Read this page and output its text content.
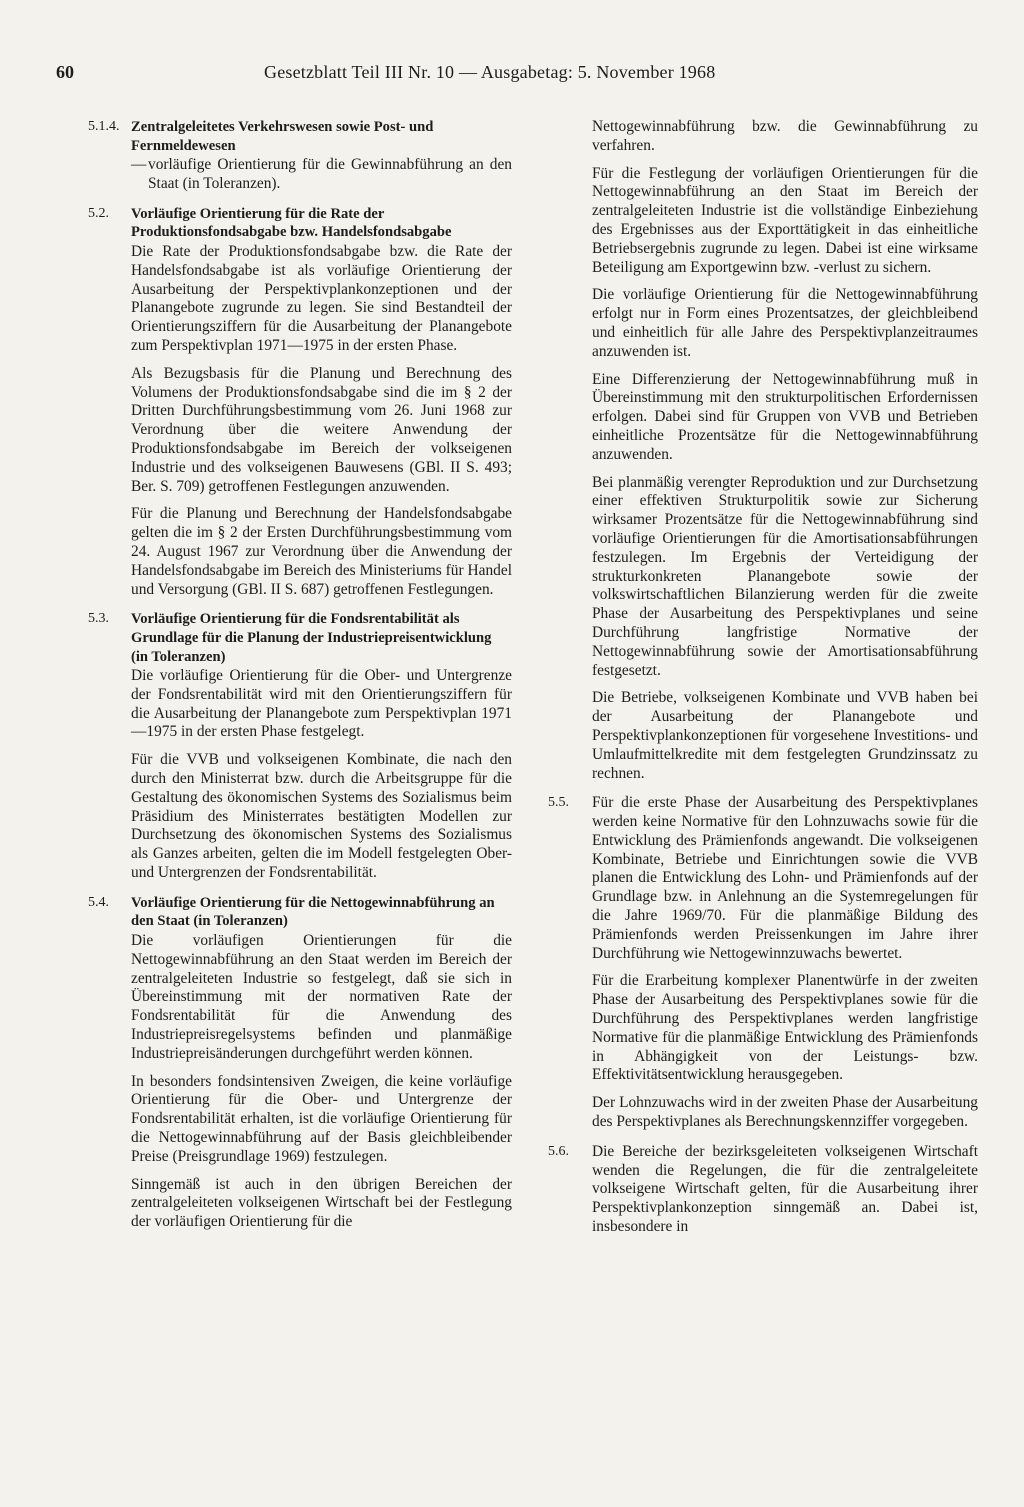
60	Gesetzblatt Teil III Nr. 10 — Ausgabetag: 5. November 1968
5.1.4. Zentralgeleitetes Verkehrswesen sowie Post- und Fernmeldewesen
— vorläufige Orientierung für die Gewinnabführung an den Staat (in Toleranzen).
5.2. Vorläufige Orientierung für die Rate der Produktionsfondsabgabe bzw. Handelsfondsabgabe

Die Rate der Produktionsfondsabgabe bzw. die Rate der Handelsfondsabgabe ist als vorläufige Orientierung der Ausarbeitung der Perspektivplankonzeptionen und der Planangebote zugrunde zu legen. Sie sind Bestandteil der Orientierungsziffern für die Ausarbeitung der Planangebote zum Perspektivplan 1971—1975 in der ersten Phase.

Als Bezugsbasis für die Planung und Berechnung des Volumens der Produktionsfondsabgabe sind die im § 2 der Dritten Durchführungsbestimmung vom 26. Juni 1968 zur Verordnung über die weitere Anwendung der Produktionsfondsabgabe im Bereich der volkseigenen Industrie und des volkseigenen Bauwesens (GBl. II S. 493; Ber. S. 709) getroffenen Festlegungen anzuwenden.

Für die Planung und Berechnung der Handelsfondsabgabe gelten die im § 2 der Ersten Durchführungsbestimmung vom 24. August 1967 zur Verordnung über die Anwendung der Handelsfondsabgabe im Bereich des Ministeriums für Handel und Versorgung (GBl. II S. 687) getroffenen Festlegungen.

5.3. Vorläufige Orientierung für die Fondsrentabilität als Grundlage für die Planung der Industriepreisentwicklung (in Toleranzen)

Die vorläufige Orientierung für die Ober- und Untergrenze der Fondsrentabilität wird mit den Orientierungsziffern für die Ausarbeitung der Planangebote zum Perspektivplan 1971—1975 in der ersten Phase festgelegt.

Für die VVB und volkseigenen Kombinate, die nach den durch den Ministerrat bzw. durch die Arbeitsgruppe für die Gestaltung des ökonomischen Systems des Sozialismus beim Präsidium des Ministerrates bestätigten Modellen zur Durchsetzung des ökonomischen Systems des Sozialismus als Ganzes arbeiten, gelten die im Modell festgelegten Ober- und Untergrenzen der Fondsrentabilität.

5.4. Vorläufige Orientierung für die Nettogewinnabführung an den Staat (in Toleranzen)

Die vorläufigen Orientierungen für die Nettogewinnabführung an den Staat werden im Bereich der zentralgeleiteten Industrie so festgelegt, daß sie sich in Übereinstimmung mit der normativen Rate der Fondsrentabilität für die Anwendung des Industriepreisregelsystems befinden und planmäßige Industriepreisänderungen durchgeführt werden können.

In besonders fondsintensiven Zweigen, die keine vorläufige Orientierung für die Ober- und Untergrenze der Fondsrentabilität erhalten, ist die vorläufige Orientierung für die Nettogewinnabführung auf der Basis gleichbleibender Preise (Preisgrundlage 1969) festzulegen.

Sinngemäß ist auch in den übrigen Bereichen der zentralgeleiteten volkseigenen Wirtschaft bei der Festlegung der vorläufigen Orientierung für die

Nettogewinnabführung bzw. die Gewinnabführung zu verfahren.

Für die Festlegung der vorläufigen Orientierungen für die Nettogewinnabführung an den Staat im Bereich der zentralgeleiteten Industrie ist die vollständige Einbeziehung des Ergebnisses aus der Exporttätigkeit in das einheitliche Betriebsergebnis zugrunde zu legen. Dabei ist eine wirksame Beteiligung am Exportgewinn bzw. -verlust zu sichern.

Die vorläufige Orientierung für die Nettogewinnabführung erfolgt nur in Form eines Prozentsatzes, der gleichbleibend und einheitlich für alle Jahre des Perspektivplanzeitraumes anzuwenden ist.

Eine Differenzierung der Nettogewinnabführung muß in Übereinstimmung mit den strukturpolitischen Erfordernissen erfolgen. Dabei sind für Gruppen von VVB und Betrieben einheitliche Prozentsätze für die Nettogewinnabführung anzuwenden.

Bei planmäßig verengter Reproduktion und zur Durchsetzung einer effektiven Strukturpolitik sowie zur Sicherung wirksamer Prozentsätze für die Nettogewinnabführung sind vorläufige Orientierungen für die Amortisationsabführungen festzulegen. Im Ergebnis der Verteidigung der strukturkonkreten Planangebote sowie der volkswirtschaftlichen Bilanzierung werden für die zweite Phase der Ausarbeitung des Perspektivplanes und seine Durchführung langfristige Normative der Nettogewinnabführung sowie der Amortisationsabführung festgesetzt.

Die Betriebe, volkseigenen Kombinate und VVB haben bei der Ausarbeitung der Planangebote und Perspektivplankonzeptionen für vorgesehene Investitions- und Umlaufmittelkredite mit dem festgelegten Grundzinssatz zu rechnen.

5.5. Für die erste Phase der Ausarbeitung des Perspektivplanes werden keine Normative für den Lohnzuwachs sowie für die Entwicklung des Prämienfonds angewandt. Die volkseigenen Kombinate, Betriebe und Einrichtungen sowie die VVB planen die Entwicklung des Lohn- und Prämienfonds auf der Grundlage bzw. in Anlehnung an die Systemregelungen für die Jahre 1969/70. Für die planmäßige Bildung des Prämienfonds werden Preissenkungen im Jahre ihrer Durchführung wie Nettogewinnzuwachs bewertet.

Für die Erarbeitung komplexer Planentwürfe in der zweiten Phase der Ausarbeitung des Perspektivplanes sowie für die Durchführung des Perspektivplanes werden langfristige Normative für die planmäßige Entwicklung des Prämienfonds in Abhängigkeit von der Leistungs- bzw. Effektivitätsentwicklung herausgegeben.

Der Lohnzuwachs wird in der zweiten Phase der Ausarbeitung des Perspektivplanes als Berechnungskennziffer vorgegeben.

5.6. Die Bereiche der bezirksgeleiteten volkseigenen Wirtschaft wenden die Regelungen, die für die zentralgeleitete volkseigene Wirtschaft gelten, für die Ausarbeitung ihrer Perspektivplankonzeption sinngemäß an. Dabei ist, insbesondere in
